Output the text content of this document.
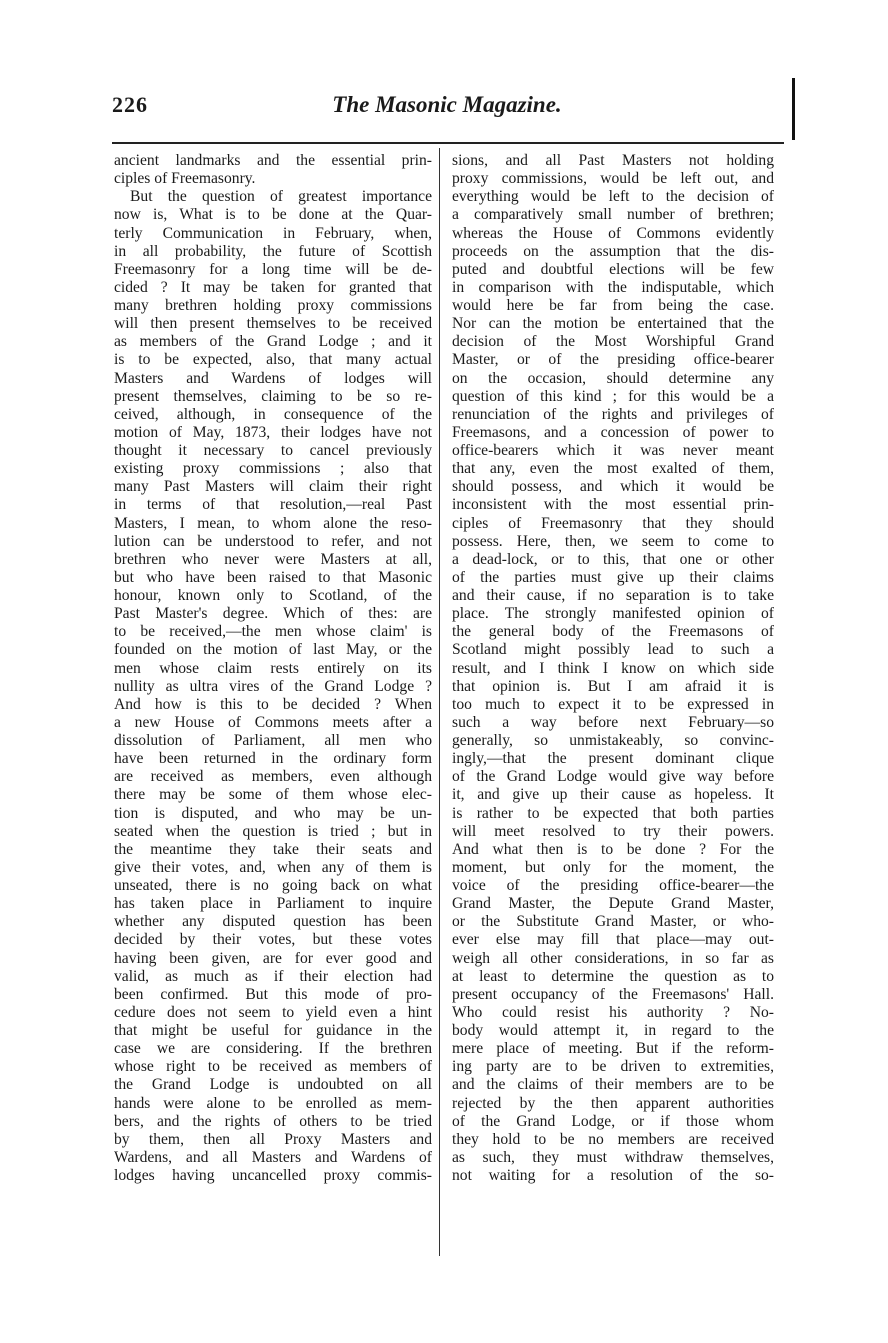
226	The Masonic Magazine.
ancient landmarks and the essential prin-
ciples of Freemasonry.
But the question of greatest importance
now is, What is to be done at the Quar-
terly Communication in February, when,
in all probability, the future of Scottish
Freemasonry for a long time will be de-
cided ? It may be taken for granted that
many brethren holding proxy commissions
will then present themselves to be received
as members of the Grand Lodge ; and it
is to be expected, also, that many actual
Masters and Wardens of lodges will
present themselves, claiming to be so re-
ceived, although, in consequence of the
motion of May, 1873, their lodges have not
thought it necessary to cancel previously
existing proxy commissions ; also that
many Past Masters will claim their right
in terms of that resolution,—real Past
Masters, I mean, to whom alone the reso-
lution can be understood to refer, and not
brethren who never were Masters at all,
but who have been raised to that Masonic
honour, known only to Scotland, of the
Past Master's degree. Which of thes﻿: are
to be received,—the men whose claim' is
founded on the motion of last May, or the
men whose claim rests entirely on its
nullity as ultra vires of the Grand Lodge ?
And how is this to be decided ? When
a new House of Commons meets after a
dissolution of Parliament, all men who
have been returned in the ordinary form
are received as members, even although
there may be some of them whose elec-
tion is disputed, and who may be un-
seated when the question is tried ; but in
the meantime they take their seats and
give their votes, and, when any of them is
unseated, there is no going back on what
has taken place in Parliament to inquire
whether any disputed question has been
decided by their votes, but these votes
having been given, are for ever good and
valid, as much as if their election had
been confirmed. But this mode of pro-
cedure does not seem to yield even a hint
that might be useful for guidance in the
case we are considering. If the brethren
whose right to be received as members of
the Grand Lodge is undoubted on all
hands were alone to be enrolled as mem-
bers, and the rights of others to be tried
by them, then all Proxy Masters and
Wardens, and all Masters and Wardens of
lodges having uncancelled proxy commis-
sions, and all Past Masters not holding
proxy commissions, would be left out, and
everything would be left to the decision of
a comparatively small number of brethren;
whereas the House of Commons evidently
proceeds on the assumption that the dis-
puted and doubtful elections will be few
in comparison with the indisputable, which
would here be far from being the case.
Nor can the motion be entertained that the
decision of the Most Worshipful Grand
Master, or of the presiding office-bearer
on the occasion, should determine any
question of this kind ; for this would be a
renunciation of the rights and privileges of
Freemasons, and a concession of power to
office-bearers which it was never meant
that any, even the most exalted of them,
should possess, and which it would be
inconsistent with the most essential prin-
ciples of Freemasonry that they should
possess. Here, then, we seem to come to
a dead-lock, or to this, that one or other
of the parties must give up their claims
and their cause, if no separation is to take
place. The strongly manifested opinion of
the general body of the Freemasons of
Scotland might possibly lead to such a
result, and I think I know on which side
that opinion is. But I am afraid it is
too much to expect it to be expressed in
such a way before next February—so
generally, so unmistakeably, so convinc-
ingly,—that the present dominant clique
of the Grand Lodge would give way before
it, and give up their cause as hopeless. It
is rather to be expected that both parties
will meet resolved to try their powers.
And what then is to be done ? For the
moment, but only for the moment, the
voice of the presiding office-bearer—the
Grand Master, the Depute Grand Master,
or the Substitute Grand Master, or who-
ever else may fill that place—may out-
weigh all other considerations, in so far as
at least to determine the question as to
present occupancy of the Freemasons' Hall.
Who could resist his authority ? No-
body would attempt it, in regard to the
mere place of meeting. But if the reform-
ing party are to be driven to extremities,
and the claims of their members are to be
rejected by the then apparent authorities
of the Grand Lodge, or if those whom
they hold to be no members are received
as such, they must withdraw themselves,
not waiting for a resolution of the so-
